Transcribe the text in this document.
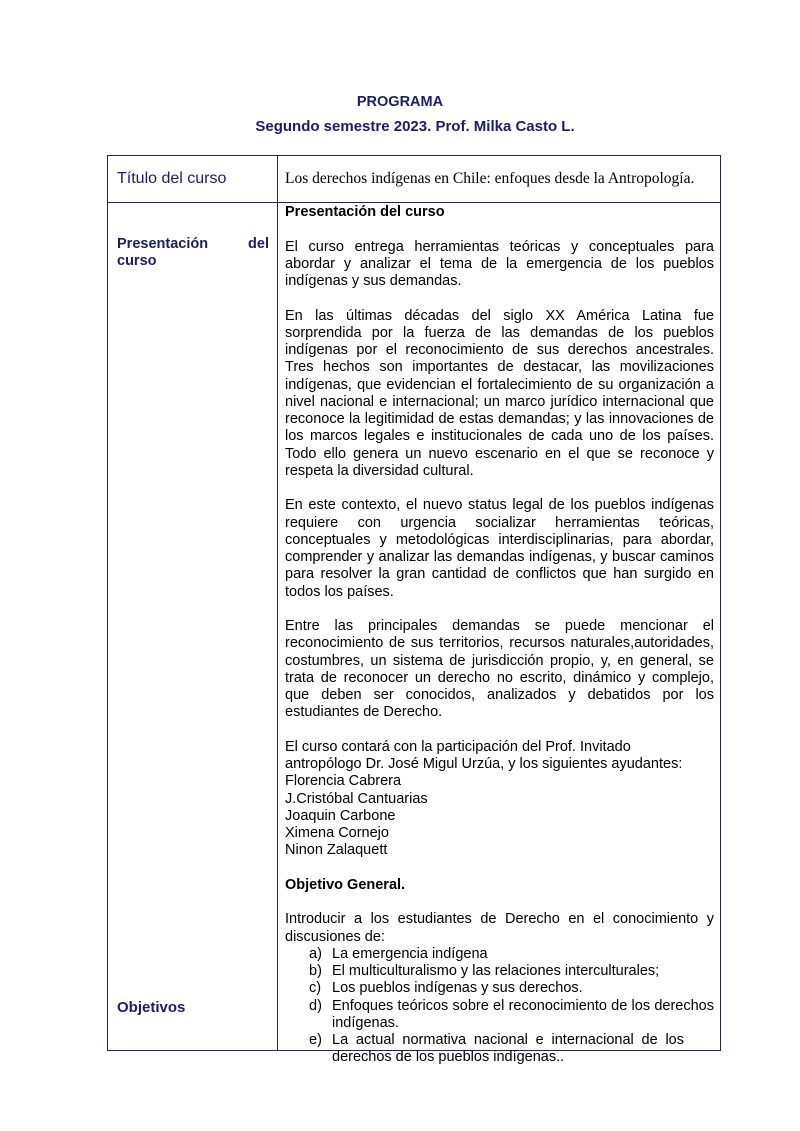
PROGRAMA
Segundo semestre 2023. Prof. Milka Casto L.
Título del curso	Los derechos indígenas en Chile: enfoques desde la Antropología.
Presentación del
curso
Objetivos

Presentación del curso

El curso entrega herramientas teóricas y conceptuales para abordar y analizar el tema de la emergencia de los pueblos indígenas y sus demandas.

En las últimas décadas del siglo XX América Latina fue sorprendida por la fuerza de las demandas de los pueblos indígenas por el reconocimiento de sus derechos ancestrales. Tres hechos son importantes de destacar, las movilizaciones indígenas, que evidencian el fortalecimiento de su organización a nivel nacional e internacional; un marco jurídico internacional que reconoce la legitimidad de estas demandas; y las innovaciones de los marcos legales e institucionales de cada uno de los países. Todo ello genera un nuevo escenario en el que se reconoce y respeta la diversidad cultural.

En este contexto, el nuevo status legal de los pueblos indígenas requiere con urgencia socializar herramientas teóricas, conceptuales y metodológicas interdisciplinarias, para abordar, comprender y analizar las demandas indígenas, y buscar caminos para resolver la gran cantidad de conflictos que han surgido en todos los países.

Entre las principales demandas se puede mencionar el reconocimiento de sus territorios, recursos naturales,autoridades, costumbres, un sistema de jurisdicción propio, y, en general, se trata de reconocer un derecho no escrito, dinámico y complejo, que deben ser conocidos, analizados y debatidos por los estudiantes de Derecho.

El curso contará con la participación del Prof. Invitado
antropólogo Dr. José Migul Urzúa, y los siguientes ayudantes:
Florencia Cabrera
J.Cristóbal Cantuarias
Joaquin Carbone
Ximena Cornejo
Ninon Zalaquett

Objetivo General.

Introducir a los estudiantes de Derecho en el conocimiento y discusiones de:

a) La emergencia indígena
b) El multiculturalismo y las relaciones interculturales;
c) Los pueblos indígenas y sus derechos.
d) Enfoques teóricos sobre el reconocimiento de los derechos indígenas.
e) La actual normativa nacional e internacional de los derechos de los pueblos indígenas..
